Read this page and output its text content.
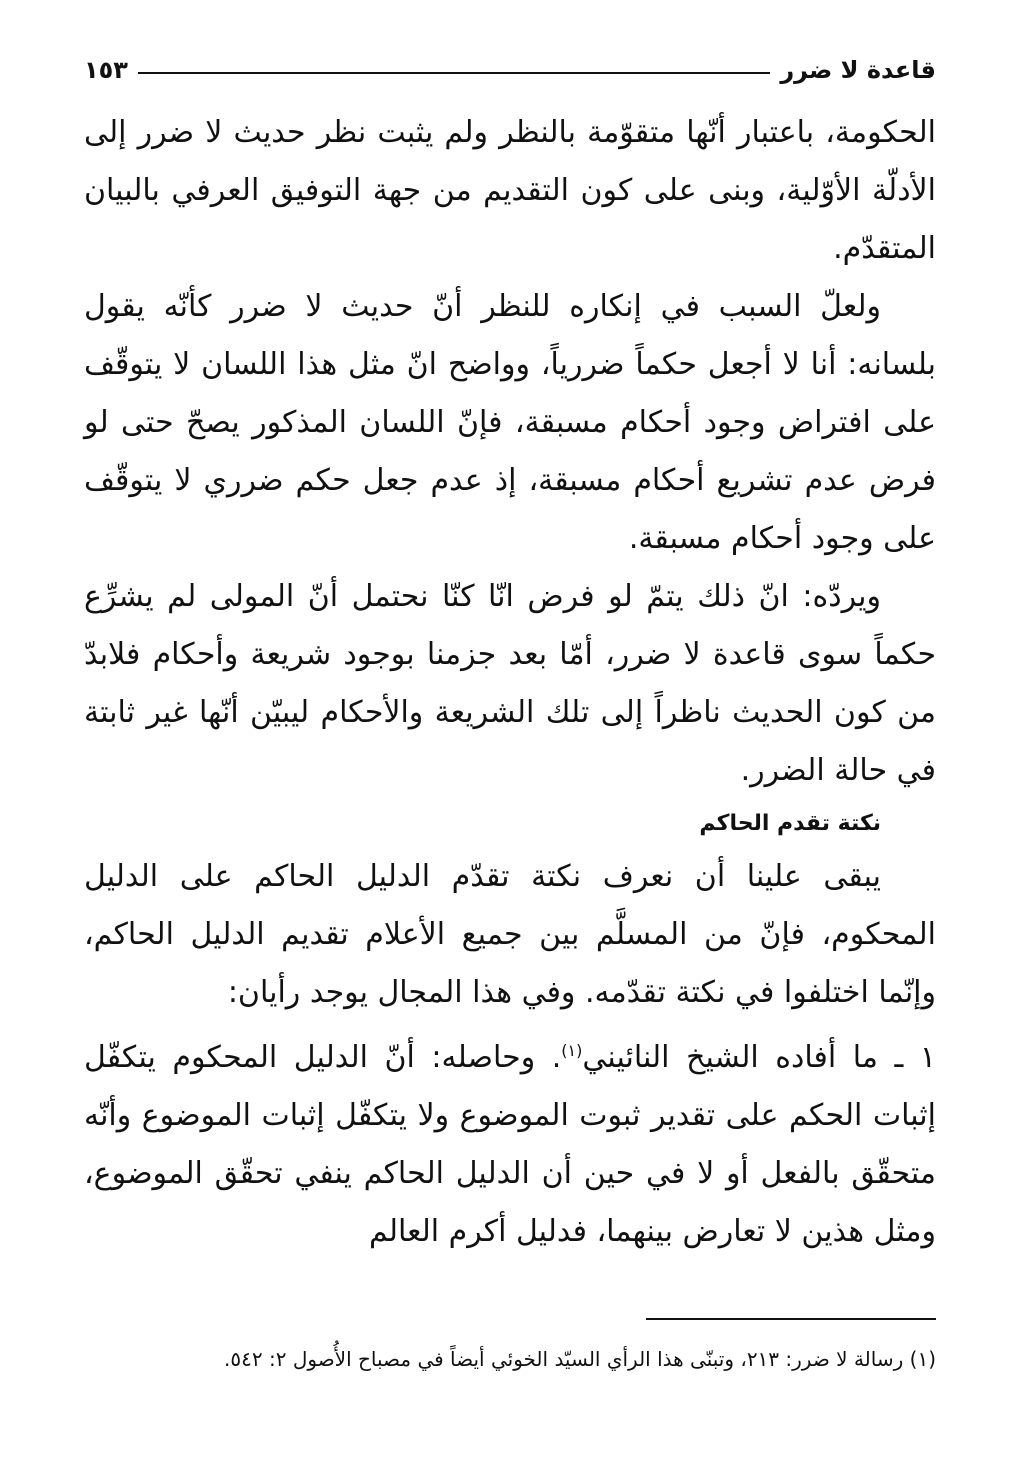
قاعدة لا ضرر
١٥٣

الحكومة، باعتبار أنّها متقوّمة بالنظر ولم يثبت نظر حديث لا ضرر إلى الأدلّة الأوّلية، وبنى على كون التقديم من جهة التوفيق العرفي بالبيان المتقدّم.

ولعلّ السبب في إنكاره للنظر أنّ حديث لا ضرر كأنّه يقول بلسانه: أنا لا أجعل حكماً ضررياً، وواضح انّ مثل هذا اللسان لا يتوقّف على افتراض وجود أحكام مسبقة، فإنّ اللسان المذكور يصحّ حتى لو فرض عدم تشريع أحكام مسبقة، إذ عدم جعل حكم ضرري لا يتوقّف على وجود أحكام مسبقة.

ويردّه: انّ ذلك يتمّ لو فرض انّا كنّا نحتمل أنّ المولى لم يشرِّع حكماً سوى قاعدة لا ضرر، أمّا بعد جزمنا بوجود شريعة وأحكام فلابدّ من كون الحديث ناظراً إلى تلك الشريعة والأحكام ليبيّن أنّها غير ثابتة في حالة الضرر.

نكتة تقدم الحاكم

يبقى علينا أن نعرف نكتة تقدّم الدليل الحاكم على الدليل المحكوم، فإنّ من المسلَّم بين جميع الأعلام تقديم الدليل الحاكم، وإنّما اختلفوا في نكتة تقدّمه. وفي هذا المجال يوجد رأيان:

١ ـ ما أفاده الشيخ النائيني$^{(١)}$. وحاصله: أنّ الدليل المحكوم يتكفّل إثبات الحكم على تقدير ثبوت الموضوع ولا يتكفّل إثبات الموضوع وأنّه متحقّق بالفعل أو لا في حين أن الدليل الحاكم ينفي تحقّق الموضوع، ومثل هذين لا تعارض بينهما، فدليل أكرم العالم

(١) رسالة لا ضرر: ٢١٣، وتبنّى هذا الرأي السيّد الخوئي أيضاً في مصباح الأُصول ٢: ٥٤٢.
